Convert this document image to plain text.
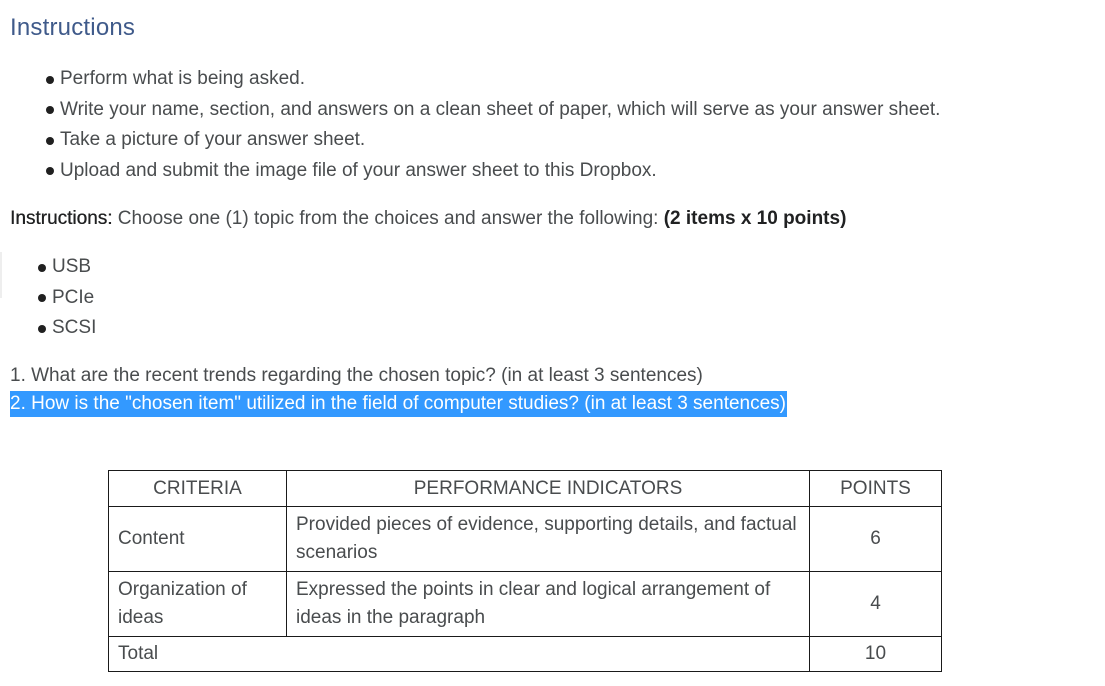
Instructions
Perform what is being asked.
Write your name, section, and answers on a clean sheet of paper, which will serve as your answer sheet.
Take a picture of your answer sheet.
Upload and submit the image file of your answer sheet to this Dropbox.
Instructions: Choose one (1) topic from the choices and answer the following: (2 items x 10 points)
USB
PCIe
SCSI
1. What are the recent trends regarding the chosen topic? (in at least 3 sentences)
2. How is the "chosen item" utilized in the field of computer studies? (in at least 3 sentences)
CRITERIA	PERFORMANCE INDICATORS	POINTS
Content	Provided pieces of evidence, supporting details, and factual scenarios	6
Organization of ideas	Expressed the points in clear and logical arrangement of ideas in the paragraph	4
Total		10
